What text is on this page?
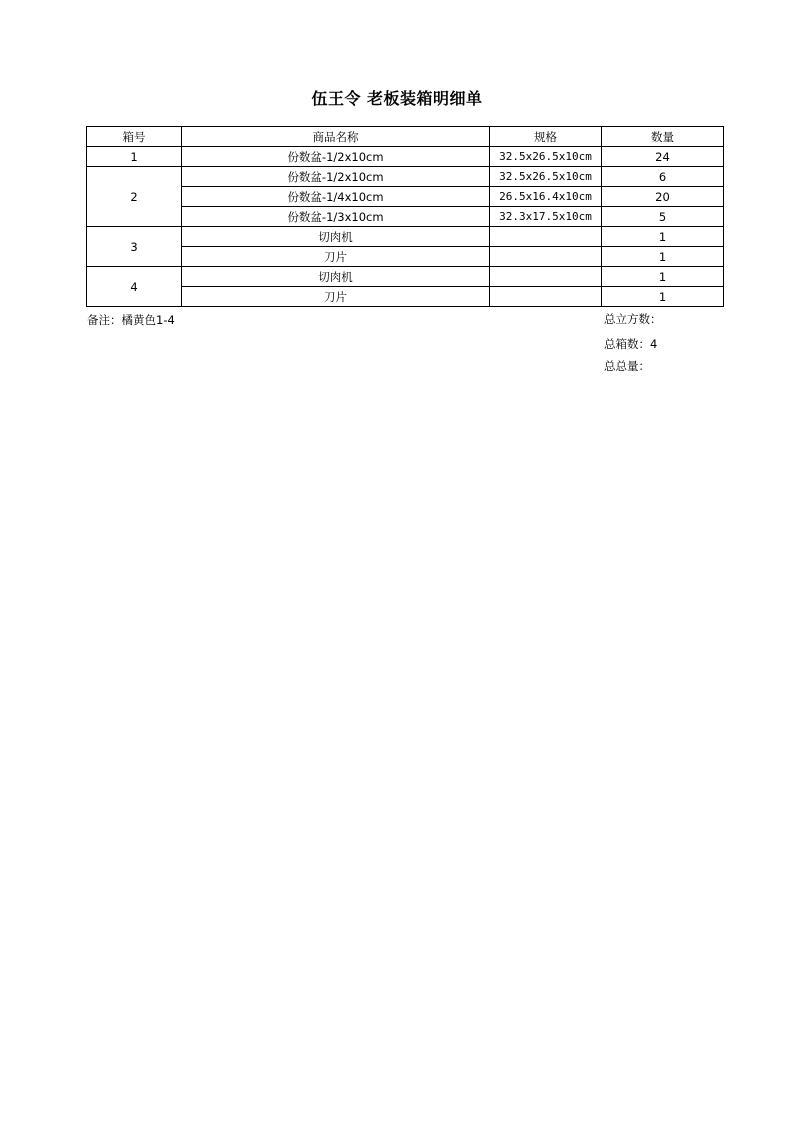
伍王令 老板装箱明细单
箱号	商品名称	规格	数量
1	份数盆-1/2x10cm	32.5x26.5x10cm	24
2	份数盆-1/2x10cm	32.5x26.5x10cm	6
	份数盆-1/4x10cm	26.5x16.4x10cm	20
	份数盆-1/3x10cm	32.3x17.5x10cm	5
3	切肉机		1
	刀片		1
4	切肉机		1
	刀片		1
备注：橘黄色1-4	总立方数：
总箱数：4
总总量：
